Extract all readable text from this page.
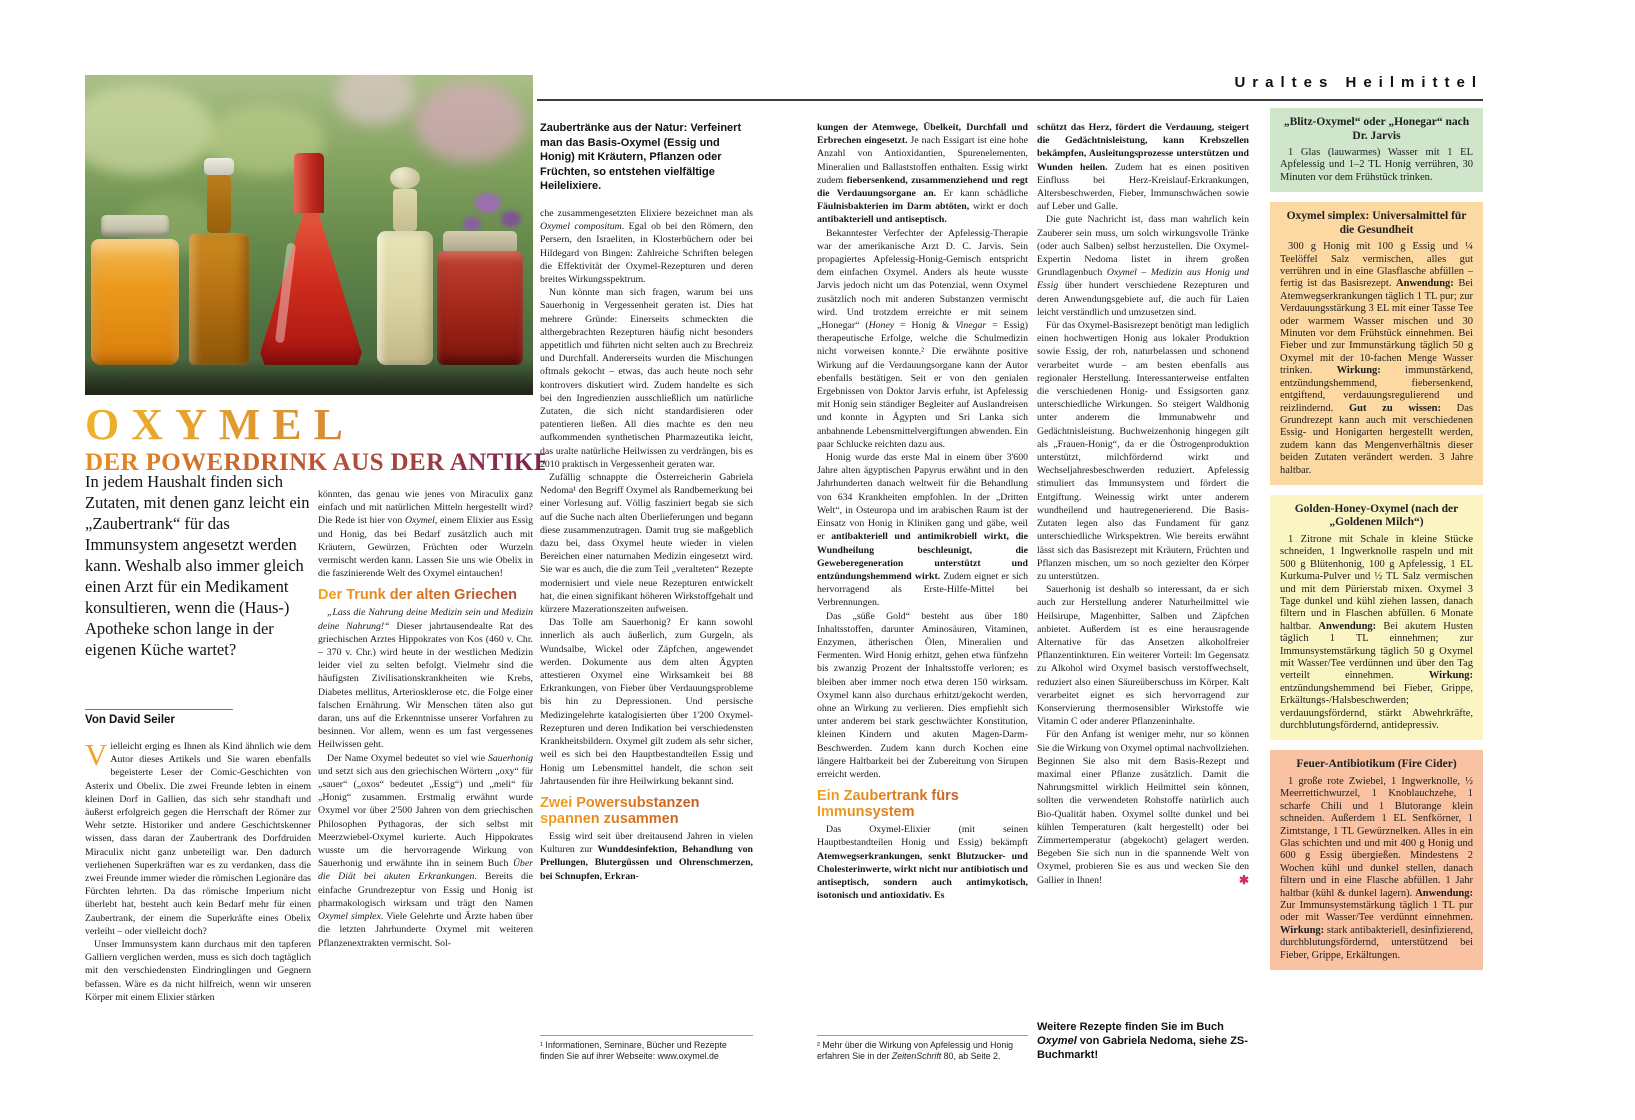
Uraltes Heilmittel
OXYMEL
DER POWERDRINK AUS DER ANTIKE
In jedem Haushalt finden sich Zutaten, mit denen ganz leicht ein „Zaubertrank“ für das Immunsystem angesetzt werden kann. Weshalb also immer gleich einen Arzt für ein Medikament konsultieren, wenn die (Haus-) Apotheke schon lange in der eigenen Küche wartet?
Von David Seiler

Vielleicht erging es Ihnen als Kind ähnlich wie dem Autor dieses Artikels und Sie waren ebenfalls begeisterte Leser der Comic-Geschichten von Asterix und Obelix. Die zwei Freunde lebten in einem kleinen Dorf in Gallien, das sich sehr standhaft und äußerst erfolgreich gegen die Herrschaft der Römer zur Wehr setzte. Historiker und andere Geschichtskenner wissen, dass daran der Zaubertrank des Dorfdruiden Miraculix nicht ganz unbeteiligt war. Den dadurch verliehenen Superkräften war es zu verdanken, dass die zwei Freunde immer wieder die römischen Legionäre das Fürchten lehrten. Da das römische Imperium nicht überlebt hat, besteht auch kein Bedarf mehr für einen Zaubertrank, der einem die Superkräfte eines Obelix verleiht – oder vielleicht doch?

Unser Immunsystem kann durchaus mit den tapferen Galliern verglichen werden, muss es sich doch tagtäglich mit den verschiedensten Eindringlingen und Gegnern befassen. Wäre es da nicht hilfreich, wenn wir unseren Körper mit einem Elixier stärken

könnten, das genau wie jenes von Miraculix ganz einfach und mit natürlichen Mitteln hergestellt wird? Die Rede ist hier von Oxymel, einem Elixier aus Essig und Honig, das bei Bedarf zusätzlich auch mit Kräutern, Gewürzen, Früchten oder Wurzeln vermischt werden kann. Lassen Sie uns wie Obelix in die faszinierende Welt des Oxymel eintauchen!

Der Trunk der alten Griechen

„Lass die Nahrung deine Medizin sein und Medizin deine Nahrung!“ Dieser jahrtausendealte Rat des griechischen Arztes Hippokrates von Kos (460 v. Chr. – 370 v. Chr.) wird heute in der westlichen Medizin leider viel zu selten befolgt. Vielmehr sind die häufigsten Zivilisationskrankheiten wie Krebs, Diabetes mellitus, Arteriosklerose etc. die Folge einer falschen Ernährung. Wir Menschen täten also gut daran, uns auf die Erkenntnisse unserer Vorfahren zu besinnen. Vor allem, wenn es um fast vergessenes Heilwissen geht.

Der Name Oxymel bedeutet so viel wie Sauerhonig und setzt sich aus den griechischen Wörtern „oxy“ für „sauer“ („oxos“ bedeutet „Essig“) und „meli“ für „Honig“ zusammen. Erstmalig erwähnt wurde Oxymel vor über 2'500 Jahren von dem griechischen Philosophen Pythagoras, der sich selbst mit Meerzwiebel-Oxymel kurierte. Auch Hippokrates wusste um die hervorragende Wirkung von Sauerhonig und erwähnte ihn in seinem Buch Über die Diät bei akuten Erkrankungen. Bereits die einfache Grundrezeptur von Essig und Honig ist pharmakologisch wirksam und trägt den Namen Oxymel simplex. Viele Gelehrte und Ärzte haben über die letzten Jahrhunderte Oxymel mit weiteren Pflanzenextrakten vermischt. Sol-

Zaubertränke aus der Natur: Verfeinert man das Basis-Oxymel (Essig und Honig) mit Kräutern, Pflanzen oder Früchten, so entstehen vielfältige Heilelixiere.

che zusammengesetzten Elixiere bezeichnet man als Oxymel compositum. Egal ob bei den Römern, den Persern, den Israeliten, in Klosterbüchern oder bei Hildegard von Bingen: Zahlreiche Schriften belegen die Effektivität der Oxymel-Rezepturen und deren breites Wirkungsspektrum.

Nun könnte man sich fragen, warum bei uns Sauerhonig in Vergessenheit geraten ist. Dies hat mehrere Gründe: Einerseits schmeckten die althergebrachten Rezepturen häufig nicht besonders appetitlich und führten nicht selten auch zu Brechreiz und Durchfall. Andererseits wurden die Mischungen oftmals gekocht – etwas, das auch heute noch sehr kontrovers diskutiert wird. Zudem handelte es sich bei den Ingredienzien ausschließlich um natürliche Zutaten, die sich nicht standardisieren oder patentieren ließen. All dies machte es den neu aufkommenden synthetischen Pharmazeutika leicht, das uralte natürliche Heilwissen zu verdrängen, bis es 2010 praktisch in Vergessenheit geraten war.

Zufällig schnappte die Österreicherin Gabriela Nedoma¹ den Begriff Oxymel als Randbemerkung bei einer Vorlesung auf. Völlig fasziniert begab sie sich auf die Suche nach alten Überlieferungen und begann diese zusammenzutragen. Damit trug sie maßgeblich dazu bei, dass Oxymel heute wieder in vielen Bereichen einer naturnahen Medizin eingesetzt wird. Sie war es auch, die die zum Teil „veralteten“ Rezepte modernisiert und viele neue Rezepturen entwickelt hat, die einen signifikant höheren Wirkstoffgehalt und kürzere Mazerationszeiten aufweisen.

Das Tolle am Sauerhonig? Er kann sowohl innerlich als auch äußerlich, zum Gurgeln, als Wundsalbe, Wickel oder Zäpfchen, angewendet werden. Dokumente aus dem alten Ägypten attestieren Oxymel eine Wirksamkeit bei 88 Erkrankungen, von Fieber über Verdauungsprobleme bis hin zu Depressionen. Und persische Medizingelehrte katalogisierten über 1'200 Oxymel-Rezepturen und deren Indikation bei verschiedensten Krankheitsbildern. Oxymel gilt zudem als sehr sicher, weil es sich bei den Hauptbestandteilen Essig und Honig um Lebensmittel handelt, die schon seit Jahrtausenden für ihre Heilwirkung bekannt sind.

Zwei Powersubstanzen spannen zusammen

Essig wird seit über dreitausend Jahren in vielen Kulturen zur Wunddesinfektion, Behandlung von Prellungen, Blutergüssen und Ohrenschmerzen, bei Schnupfen, Erkran-

¹ Informationen, Seminare, Bücher und Rezepte finden Sie auf ihrer Webseite: www.oxymel.de

kungen der Atemwege, Übelkeit, Durchfall und Erbrechen eingesetzt. Je nach Essigart ist eine hohe Anzahl von Antioxidantien, Spurenelementen, Mineralien und Ballaststoffen enthalten. Essig wirkt zudem fiebersenkend, zusammenziehend und regt die Verdauungsorgane an. Er kann schädliche Fäulnisbakterien im Darm abtöten, wirkt er doch antibakteriell und antiseptisch.

Bekanntester Verfechter der Apfelessig-Therapie war der amerikanische Arzt D. C. Jarvis. Sein propagiertes Apfelessig-Honig-Gemisch entspricht dem einfachen Oxymel. Anders als heute wusste Jarvis jedoch nicht um das Potenzial, wenn Oxymel zusätzlich noch mit anderen Substanzen vermischt wird. Und trotzdem erreichte er mit seinem „Honegar“ (Honey = Honig & Vinegar = Essig) therapeutische Erfolge, welche die Schulmedizin nicht vorweisen konnte.² Die erwähnte positive Wirkung auf die Verdauungsorgane kann der Autor ebenfalls bestätigen. Seit er von den genialen Ergebnissen von Doktor Jarvis erfuhr, ist Apfelessig mit Honig sein ständiger Begleiter auf Auslandreisen und konnte in Ägypten und Sri Lanka sich anbahnende Lebensmittelvergiftungen abwenden. Ein paar Schlucke reichten dazu aus.

Honig wurde das erste Mal in einem über 3'600 Jahre alten ägyptischen Papyrus erwähnt und in den Jahrhunderten danach weltweit für die Behandlung von 634 Krankheiten empfohlen. In der „Dritten Welt“, in Osteuropa und im arabischen Raum ist der Einsatz von Honig in Kliniken gang und gäbe, weil er antibakteriell und antimikrobiell wirkt, die Wundheilung beschleunigt, die Geweberegeneration unterstützt und entzündungshemmend wirkt. Zudem eignet er sich hervorragend als Erste-Hilfe-Mittel bei Verbrennungen.

Das „süße Gold“ besteht aus über 180 Inhaltsstoffen, darunter Aminosäuren, Vitaminen, Enzymen, ätherischen Ölen, Mineralien und Fermenten. Wird Honig erhitzt, gehen etwa fünfzehn bis zwanzig Prozent der Inhaltsstoffe verloren; es bleiben aber immer noch etwa deren 150 wirksam. Oxymel kann also durchaus erhitzt/gekocht werden, ohne an Wirkung zu verlieren. Dies empfiehlt sich unter anderem bei stark geschwächter Konstitution, kleinen Kindern und akuten Magen-Darm-Beschwerden. Zudem kann durch Kochen eine längere Haltbarkeit bei der Zubereitung von Sirupen erreicht werden.

Ein Zaubertrank fürs Immunsystem

Das Oxymel-Elixier (mit seinen Hauptbestandteilen Honig und Essig) bekämpft Atemwegserkrankungen, senkt Blutzucker- und Cholesterinwerte, wirkt nicht nur antibiotisch und antiseptisch, sondern auch antimykotisch, isotonisch und antioxidativ. Es

² Mehr über die Wirkung von Apfelessig und Honig erfahren Sie in der ZeitenSchrift 80, ab Seite 2.

schützt das Herz, fördert die Verdauung, steigert die Gedächtnisleistung, kann Krebszellen bekämpfen, Ausleitungsprozesse unterstützen und Wunden heilen. Zudem hat es einen positiven Einfluss bei Herz-Kreislauf-Erkrankungen, Altersbeschwerden, Fieber, Immunschwächen sowie auf Leber und Galle.

Die gute Nachricht ist, dass man wahrlich kein Zauberer sein muss, um solch wirkungsvolle Tränke (oder auch Salben) selbst herzustellen. Die Oxymel-Expertin Nedoma listet in ihrem großen Grundlagenbuch Oxymel – Medizin aus Honig und Essig über hundert verschiedene Rezepturen und deren Anwendungsgebiete auf, die auch für Laien leicht verständlich und umzusetzen sind.

Für das Oxymel-Basisrezept benötigt man lediglich einen hochwertigen Honig aus lokaler Produktion sowie Essig, der roh, naturbelassen und schonend verarbeitet wurde – am besten ebenfalls aus regionaler Herstellung. Interessanterweise entfalten die verschiedenen Honig- und Essigsorten ganz unterschiedliche Wirkungen. So steigert Waldhonig unter anderem die Immunabwehr und Gedächtnisleistung. Buchweizenhonig hingegen gilt als „Frauen-Honig“, da er die Östrogenproduktion unterstützt, milchfördernd wirkt und Wechseljahresbeschwerden reduziert. Apfelessig stimuliert das Immunsystem und fördert die Entgiftung. Weinessig wirkt unter anderem wundheilend und hautregenerierend. Die Basis-Zutaten legen also das Fundament für ganz unterschiedliche Wirkspektren. Wie bereits erwähnt lässt sich das Basisrezept mit Kräutern, Früchten und Pflanzen mischen, um so noch gezielter den Körper zu unterstützen.

Sauerhonig ist deshalb so interessant, da er sich auch zur Herstellung anderer Naturheilmittel wie Heilsirupe, Magenbitter, Salben und Zäpfchen anbietet. Außerdem ist es eine herausragende Alternative für das Ansetzen alkoholfreier Pflanzentinkturen. Ein weiterer Vorteil: Im Gegensatz zu Alkohol wird Oxymel basisch verstoffwechselt, reduziert also einen Säureüberschuss im Körper. Kalt verarbeitet eignet es sich hervorragend zur Konservierung thermosensibler Wirkstoffe wie Vitamin C oder anderer Pflanzeninhalte.

Für den Anfang ist weniger mehr, nur so können Sie die Wirkung von Oxymel optimal nachvollziehen. Beginnen Sie also mit dem Basis-Rezept und maximal einer Pflanze zusätzlich. Damit die Nahrungsmittel wirklich Heilmittel sein können, sollten die verwendeten Rohstoffe natürlich auch Bio-Qualität haben. Oxymel sollte dunkel und bei kühlen Temperaturen (kalt hergestellt) oder bei Zimmertemperatur (abgekocht) gelagert werden. Begeben Sie sich nun in die spannende Welt von Oxymel, probieren Sie es aus und wecken Sie den Gallier in Ihnen!	✱

Weitere Rezepte finden Sie im Buch Oxymel von Gabriela Nedoma, siehe ZS-Buchmarkt!

„Blitz-Oxymel“ oder „Honegar“ nach Dr. Jarvis

1 Glas (lauwarmes) Wasser mit 1 EL Apfelessig und 1–2 TL Honig verrühren, 30 Minuten vor dem Frühstück trinken.

Oxymel simplex: Universalmittel für die Gesundheit

300 g Honig mit 100 g Essig und ¼ Teelöffel Salz vermischen, alles gut verrühren und in eine Glasflasche abfüllen – fertig ist das Basisrezept. Anwendung: Bei Atemwegserkrankungen täglich 1 TL pur; zur Verdauungsstärkung 3 EL mit einer Tasse Tee oder warmem Wasser mischen und 30 Minuten vor dem Frühstück einnehmen. Bei Fieber und zur Immunstärkung täglich 50 g Oxymel mit der 10-fachen Menge Wasser trinken. Wirkung: immunstärkend, entzündungshemmend, fiebersenkend, entgiftend, verdauungsregulierend und reizlindernd. Gut zu wissen: Das Grundrezept kann auch mit verschiedenen Essig- und Honigarten hergestellt werden, zudem kann das Mengenverhältnis dieser beiden Zutaten verändert werden. 3 Jahre haltbar.

Golden-Honey-Oxymel (nach der „Goldenen Milch“)

1 Zitrone mit Schale in kleine Stücke schneiden, 1 Ingwerknolle raspeln und mit 500 g Blütenhonig, 100 g Apfelessig, 1 EL Kurkuma-Pulver und ½ TL Salz vermischen und mit dem Pürierstab mixen. Oxymel 3 Tage dunkel und kühl ziehen lassen, danach filtern und in Flaschen abfüllen. 6 Monate haltbar. Anwendung: Bei akutem Husten täglich 1 TL einnehmen; zur Immunsystemstärkung täglich 50 g Oxymel mit Wasser/Tee verdünnen und über den Tag verteilt einnehmen. Wirkung: entzündungshemmend bei Fieber, Grippe, Erkältungs-/Halsbeschwerden; verdauungsfördernd, stärkt Abwehrkräfte, durchblutungsfördernd, antidepressiv.

Feuer-Antibiotikum (Fire Cider)

1 große rote Zwiebel, 1 Ingwerknolle, ½ Meerrettichwurzel, 1 Knoblauchzehe, 1 scharfe Chili und 1 Blutorange klein schneiden. Außerdem 1 EL Senfkörner, 1 Zimtstange, 1 TL Gewürznelken. Alles in ein Glas schichten und und mit 400 g Honig und 600 g Essig übergießen. Mindestens 2 Wochen kühl und dunkel stellen, danach filtern und in eine Flasche abfüllen. 1 Jahr haltbar (kühl & dunkel lagern). Anwendung: Zur Immunsystemstärkung täglich 1 TL pur oder mit Wasser/Tee verdünnt einnehmen. Wirkung: stark antibakteriell, desinfizierend, durchblutungsfördernd, unterstützend bei Fieber, Grippe, Erkältungen.
